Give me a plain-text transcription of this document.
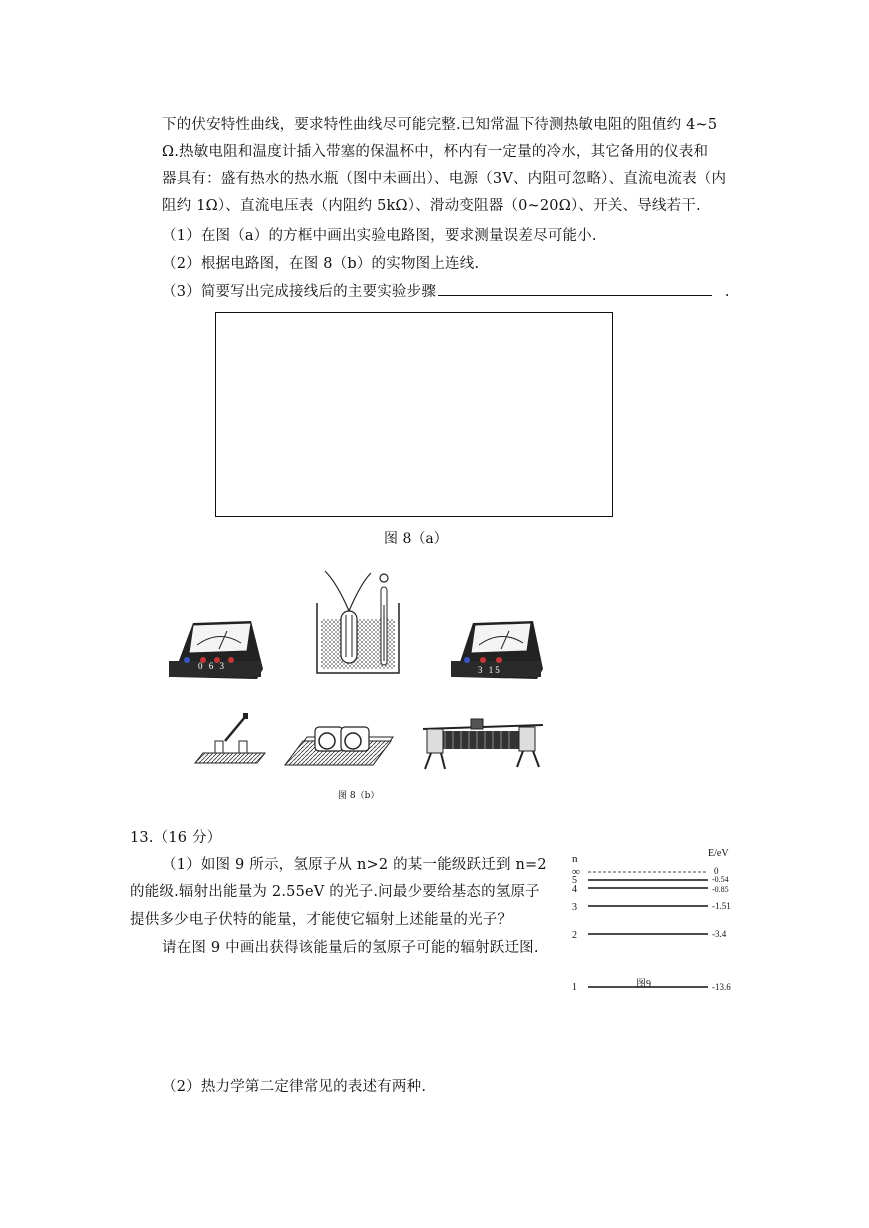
下的伏安特性曲线，要求特性曲线尽可能完整.已知常温下待测热敏电阻的阻值约 4~5
Ω.热敏电阻和温度计插入带塞的保温杯中，杯内有一定量的冷水，其它备用的仪表和
器具有：盛有热水的热水瓶（图中未画出）、电源（3V、内阻可忽略）、直流电流表（内
阻约 1Ω）、直流电压表（内阻约 5kΩ）、滑动变阻器（0~20Ω）、开关、导线若干.
（1）在图（a）的方框中画出实验电路图，要求测量误差尽可能小.
（2）根据电路图，在图 8（b）的实物图上连线.
（3）简要写出完成接线后的主要实验步骤	.
图 8（a）
0 6 3	3 15
图 8（b）
13.（16 分）
（1）如图 9 所示，氢原子从 n>2 的某一能级跃迁到 n=2
的能级.辐射出能量为 2.55eV 的光子.问最少要给基态的氢原子
提供多少电子伏特的能量，才能使它辐射上述能量的光子？
请在图 9 中画出获得该能量后的氢原子可能的辐射跃迁图.
（2）热力学第二定律常见的表述有两种.
n	E/eV
∞
5
4
3
2
1
0
-0.54
-0.85
-1.51
-3.4
-13.6
图9
